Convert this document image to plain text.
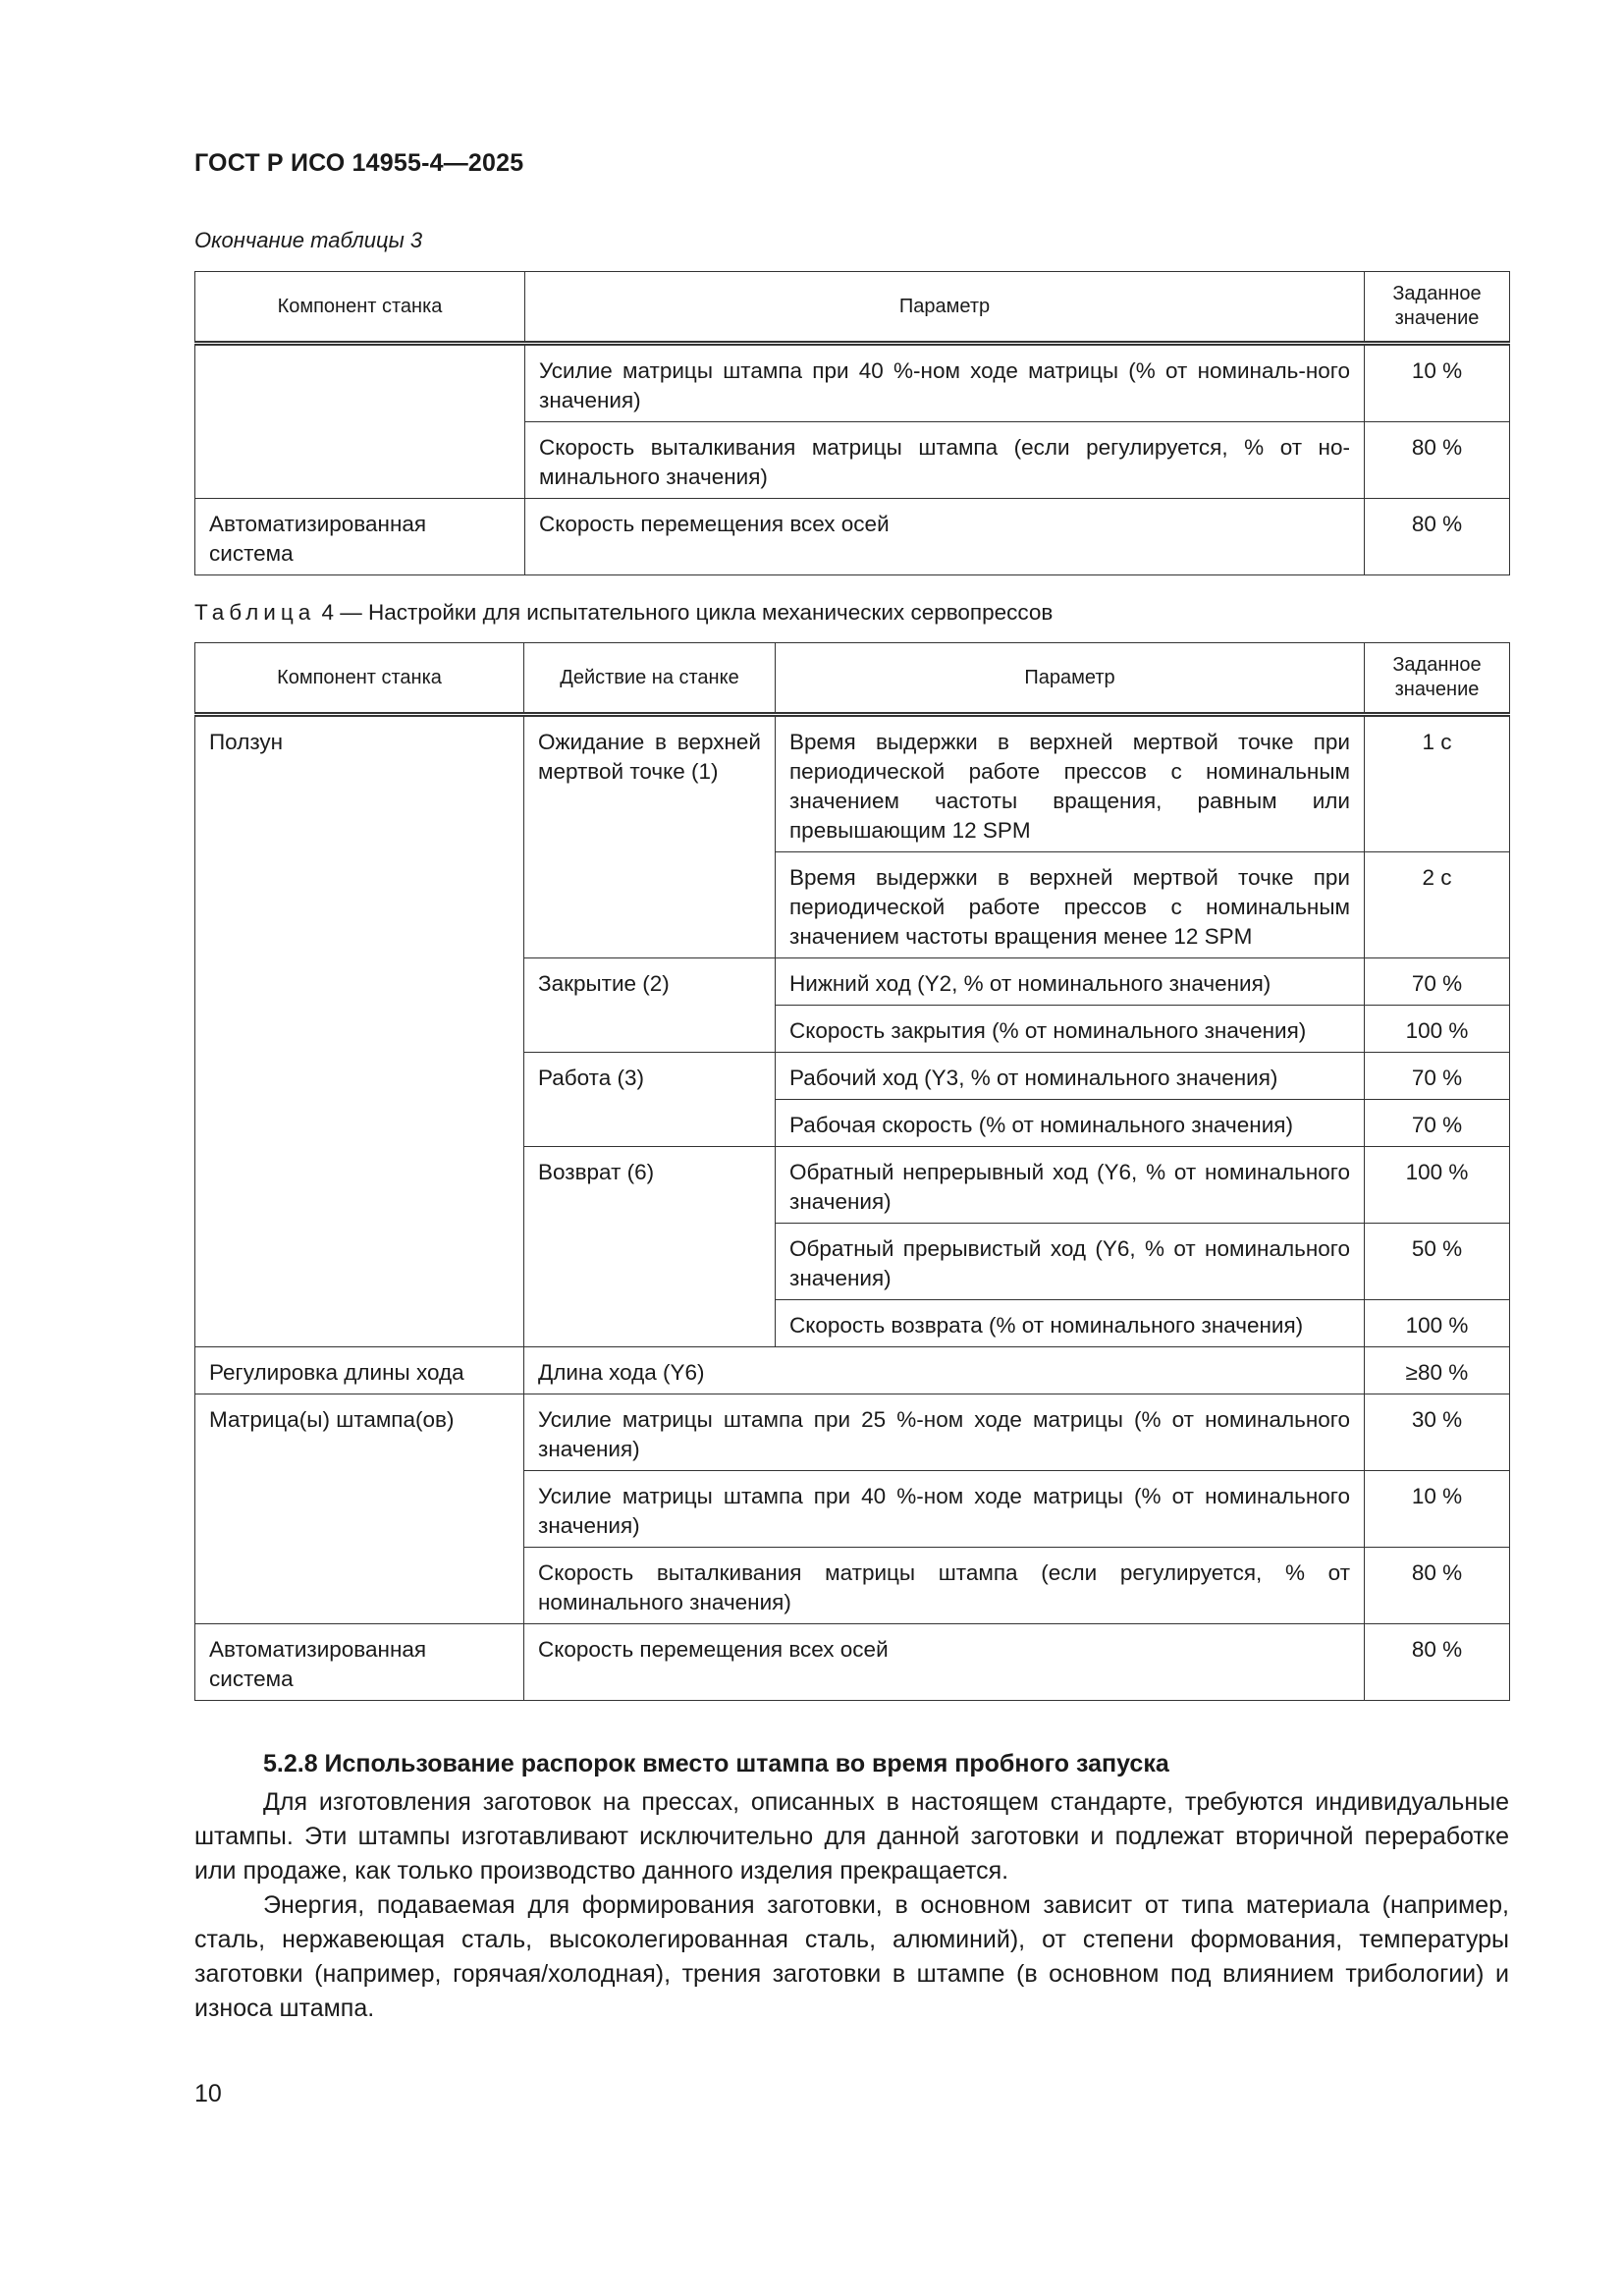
ГОСТ Р ИСО 14955-4—2025
Окончание таблицы 3
Компонент станка	Параметр	Заданное значение
	Усилие матрицы штампа при 40 %-ном ходе матрицы (% от номиналь-ного значения)	10 %
	Скорость выталкивания матрицы штампа (если регулируется, % от но-минального значения)	80 %
Автоматизированная система	Скорость перемещения всех осей	80 %
Таблица 4 — Настройки для испытательного цикла механических сервопрессов
Компонент станка	Действие на станке	Параметр	Заданное значение
Ползун	Ожидание в верхней мертвой точке (1)	Время выдержки в верхней мертвой точке при периодической работе прессов с номинальным значением частоты вращения, равным или превышающим 12 SPM	1 с
		Время выдержки в верхней мертвой точке при периодической работе прессов с номинальным значением частоты вращения менее 12 SPM	2 с
	Закрытие (2)	Нижний ход (Y2, % от номинального значения)	70 %
		Скорость закрытия (% от номинального значения)	100 %
	Работа (3)	Рабочий ход (Y3, % от номинального значения)	70 %
		Рабочая скорость (% от номинального значения)	70 %
	Возврат (6)	Обратный непрерывный ход (Y6, % от номинального значения)	100 %
		Обратный прерывистый ход (Y6, % от номинального значения)	50 %
		Скорость возврата (% от номинального значения)	100 %
Регулировка длины хода	Длина хода (Y6)		≥80 %
Матрица(ы) штампа(ов)	Усилие матрицы штампа при 25 %-ном ходе матрицы (% от номинального значения)		30 %
	Усилие матрицы штампа при 40 %-ном ходе матрицы (% от номинального значения)		10 %
	Скорость выталкивания матрицы штампа (если регулируется, % от номинального значения)		80 %
Автоматизированная система	Скорость перемещения всех осей		80 %
5.2.8 Использование распорок вместо штампа во время пробного запуска

Для изготовления заготовок на прессах, описанных в настоящем стандарте, требуются индивидуальные штампы. Эти штампы изготавливают исключительно для данной заготовки и подлежат вторичной переработке или продаже, как только производство данного изделия прекращается.

Энергия, подаваемая для формирования заготовки, в основном зависит от типа материала (например, сталь, нержавеющая сталь, высоколегированная сталь, алюминий), от степени формования, температуры заготовки (например, горячая/холодная), трения заготовки в штампе (в основном под влиянием трибологии) и износа штампа.

10
